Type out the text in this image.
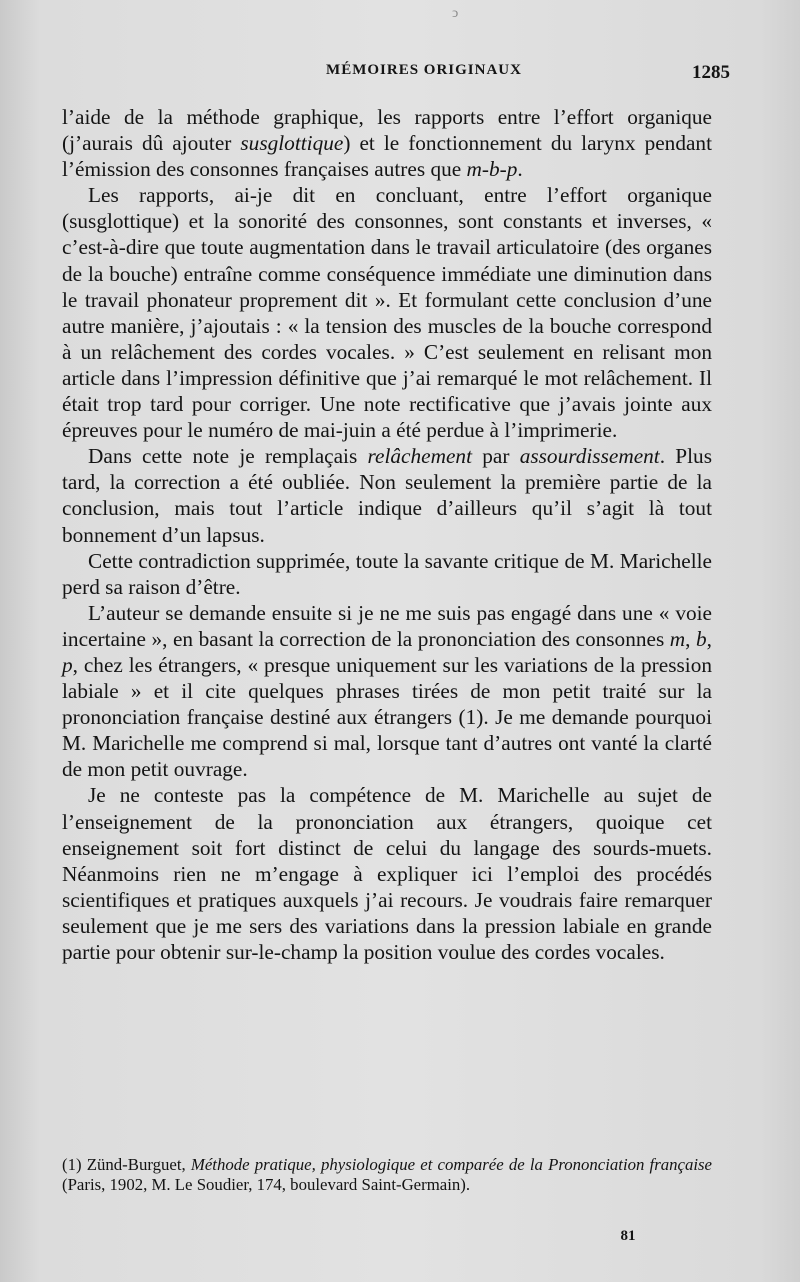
ͻ
MÉMOIRES ORIGINAUX	1285

l’aide de la méthode graphique, les rapports entre l’effort organique (j’aurais dû ajouter susglottique) et le fonctionnement du larynx pendant l’émission des consonnes françaises autres que m-b-p.

Les rapports, ai-je dit en concluant, entre l’effort organique (susglottique) et la sonorité des consonnes, sont constants et inverses, « c’est-à-dire que toute augmentation dans le travail articulatoire (des organes de la bouche) entraîne comme conséquence immédiate une diminution dans le travail phonateur proprement dit ». Et formulant cette conclusion d’une autre manière, j’ajoutais : « la tension des muscles de la bouche correspond à un relâchement des cordes vocales. » C’est seulement en relisant mon article dans l’impression définitive que j’ai remarqué le mot relâchement. Il était trop tard pour corriger. Une note rectificative que j’avais jointe aux épreuves pour le numéro de mai-juin a été perdue à l’imprimerie.

Dans cette note je remplaçais relâchement par assourdissement. Plus tard, la correction a été oubliée. Non seulement la première partie de la conclusion, mais tout l’article indique d’ailleurs qu’il s’agit là tout bonnement d’un lapsus.

Cette contradiction supprimée, toute la savante critique de M. Marichelle perd sa raison d’être.

L’auteur se demande ensuite si je ne me suis pas engagé dans une « voie incertaine », en basant la correction de la prononciation des consonnes m, b, p, chez les étrangers, « presque uniquement sur les variations de la pression labiale » et il cite quelques phrases tirées de mon petit traité sur la prononciation française destiné aux étrangers (1). Je me demande pourquoi M. Marichelle me comprend si mal, lorsque tant d’autres ont vanté la clarté de mon petit ouvrage.

Je ne conteste pas la compétence de M. Marichelle au sujet de l’enseignement de la prononciation aux étrangers, quoique cet enseignement soit fort distinct de celui du langage des sourds-muets. Néanmoins rien ne m’engage à expliquer ici l’emploi des procédés scientifiques et pratiques auxquels j’ai recours. Je voudrais faire remarquer seulement que je me sers des variations dans la pression labiale en grande partie pour obtenir sur-le-champ la position voulue des cordes vocales.

(1) Zünd-Burguet, Méthode pratique, physiologique et comparée de la Prononciation française (Paris, 1902, M. Le Soudier, 174, boulevard Saint-Germain).
81
